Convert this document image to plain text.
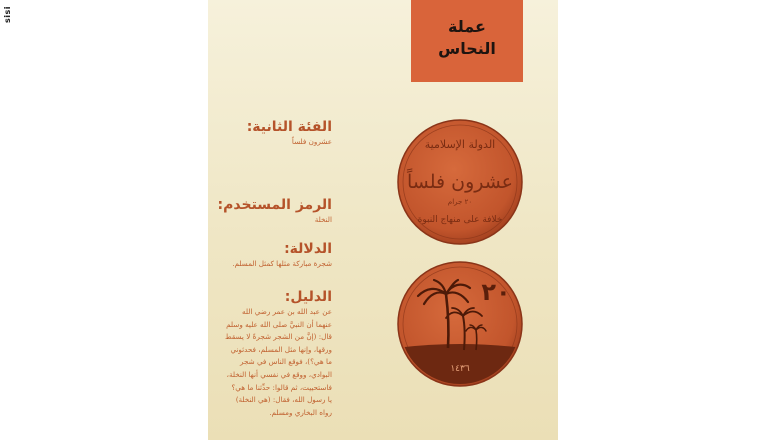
sisi
عملة
النحاس
الفئة الثانية:
عشرون فلساً
الرمز المستخدم:
النخلة
الدلالة:
شجرة مباركة مثلها كمثل المسلم.
الدليل:
عن عبد الله بن عمر رضي الله
عنهما أن النبيَّ صلى الله عليه وسلم
قال: (إنَّ من الشجر شجرةً لا يسقط
ورقها، وإنها مثل المسلم، فحدثوني
ما هي؟)، فوقع الناس في شجر
البوادي، ووقع في نفسي أنها النخلة،
فاستحييت، ثم قالوا: حدِّثنا ما هي؟
يا رسول الله، فقال: (هي النخلة)
رواه البخاري ومسلم.
الدولة الإسلامية
عشرون فلساً
٢٠ جرام
خلافة على منهاج النبوة
٢٠
١٤٣٦
